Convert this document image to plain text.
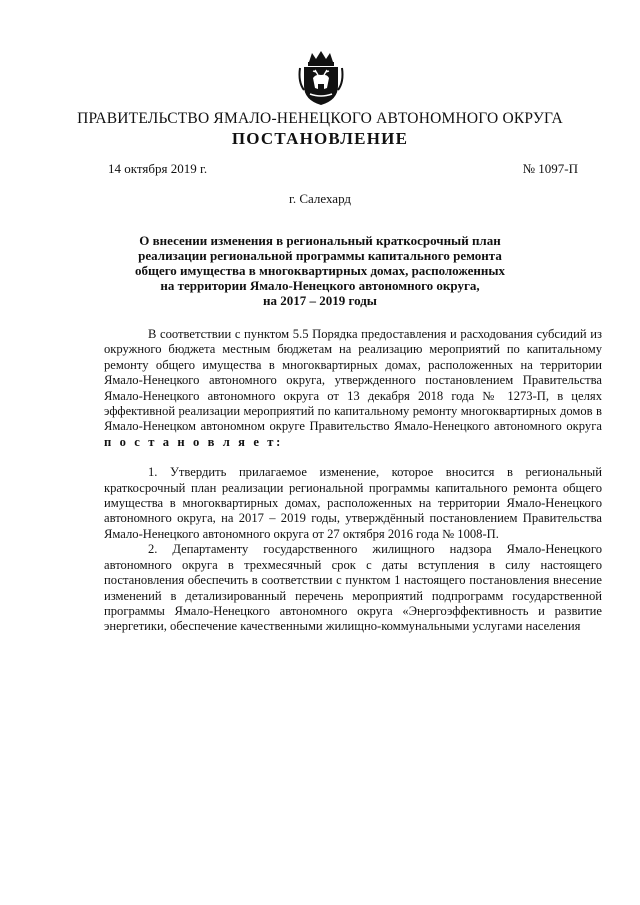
ПРАВИТЕЛЬСТВО ЯМАЛО-НЕНЕЦКОГО АВТОНОМНОГО ОКРУГА
ПОСТАНОВЛЕНИЕ
14 октября 2019 г.	№ 1097-П
г. Салехард
О внесении изменения в региональный краткосрочный план
реализации региональной программы капитального ремонта
общего имущества в многоквартирных домах, расположенных
на территории Ямало-Ненецкого автономного округа,
на 2017 – 2019 годы

В соответствии с пунктом 5.5 Порядка предоставления и расходования субсидий из окружного бюджета местным бюджетам на реализацию мероприятий по капитальному ремонту общего имущества в многоквартирных домах, расположенных на территории Ямало-Ненецкого автономного округа, утвержденного постановлением Правительства Ямало-Ненецкого автономного округа от 13 декабря 2018 года № 1273-П, в целях эффективной реализации мероприятий по капитальному ремонту многоквартирных домов в Ямало-Ненецком автономном округе Правительство Ямало-Ненецкого автономного округа п о с т а н о в л я е т:

1. Утвердить прилагаемое изменение, которое вносится в региональный краткосрочный план реализации региональной программы капитального ремонта общего имущества в многоквартирных домах, расположенных на территории Ямало-Ненецкого автономного округа, на 2017 – 2019 годы, утверждённый постановлением Правительства Ямало-Ненецкого автономного округа от 27 октября 2016 года № 1008-П.

2. Департаменту государственного жилищного надзора Ямало-Ненецкого автономного округа в трехмесячный срок с даты вступления в силу настоящего постановления обеспечить в соответствии с пунктом 1 настоящего постановления внесение изменений в детализированный перечень мероприятий подпрограмм государственной программы Ямало-Ненецкого автономного округа «Энергоэффективность и развитие энергетики, обеспечение качественными жилищно-коммунальными услугами населения
